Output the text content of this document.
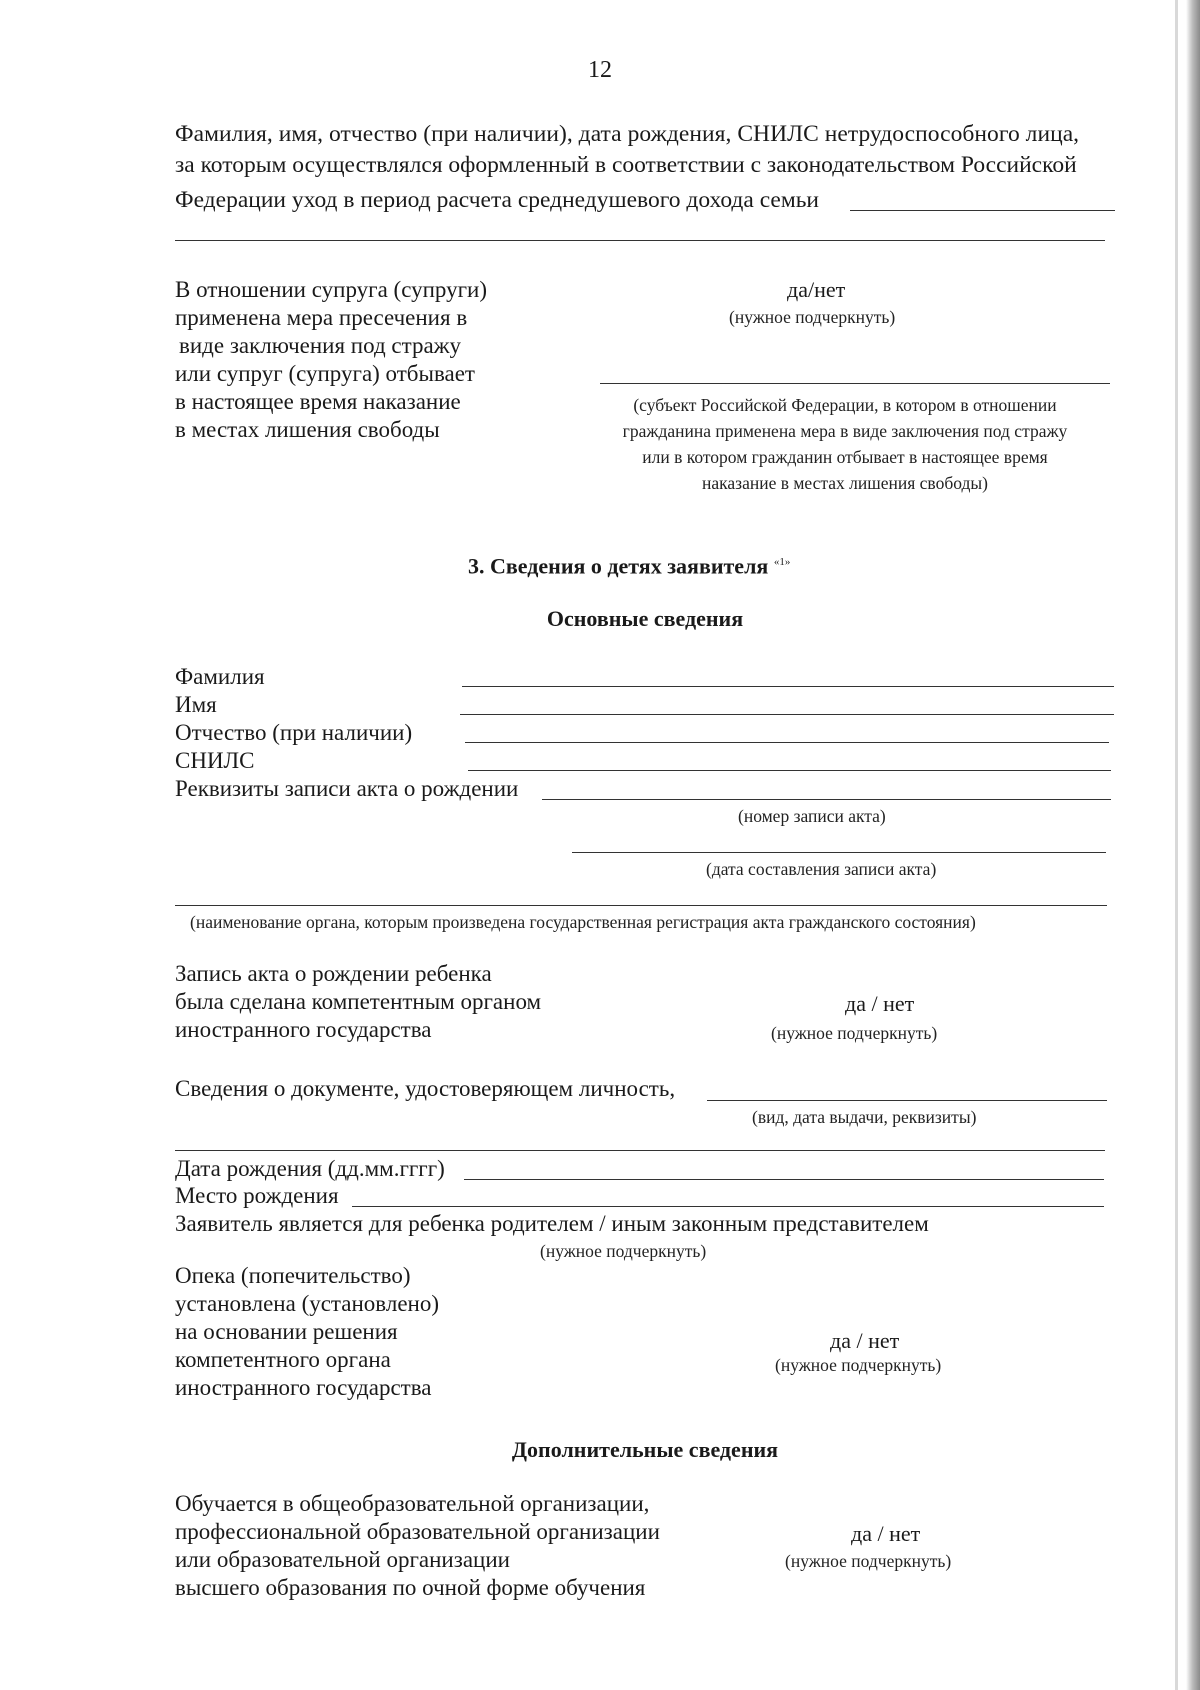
12
Фамилия, имя, отчество (при наличии), дата рождения, СНИЛС нетрудоспособного лица,
за которым осуществлялся оформленный в соответствии с законодательством Российской
Федерации уход в период расчета среднедушевого дохода семьи
В отношении супруга (супруги)
применена мера пресечения в
виде заключения под стражу
или супруг (супруга) отбывает
в настоящее время наказание
в местах лишения свободы
да/нет
(нужное подчеркнуть)
(субъект Российской Федерации, в котором в отношении
гражданина применена мера в виде заключения под стражу
или в котором гражданин отбывает в настоящее время
наказание в местах лишения свободы)
3. Сведения о детях заявителя $^{«1»}$
Основные сведения
Фамилия
Имя
Отчество (при наличии)
СНИЛС
Реквизиты записи акта о рождении
(номер записи акта)
(дата составления записи акта)
(наименование органа, которым произведена государственная регистрация акта гражданского состояния)
Запись акта о рождении ребенка
была сделана компетентным органом
иностранного государства
да / нет
(нужное подчеркнуть)
Сведения о документе, удостоверяющем личность,
(вид, дата выдачи, реквизиты)
Дата рождения (дд.мм.гггг)
Место рождения
Заявитель является для ребенка родителем / иным законным представителем
(нужное подчеркнуть)
Опека (попечительство)
установлена (установлено)
на основании решения
компетентного органа
иностранного государства
да / нет
(нужное подчеркнуть)
Дополнительные сведения
Обучается в общеобразовательной организации,
профессиональной образовательной организации
или образовательной организации
высшего образования по очной форме обучения
да / нет
(нужное подчеркнуть)
